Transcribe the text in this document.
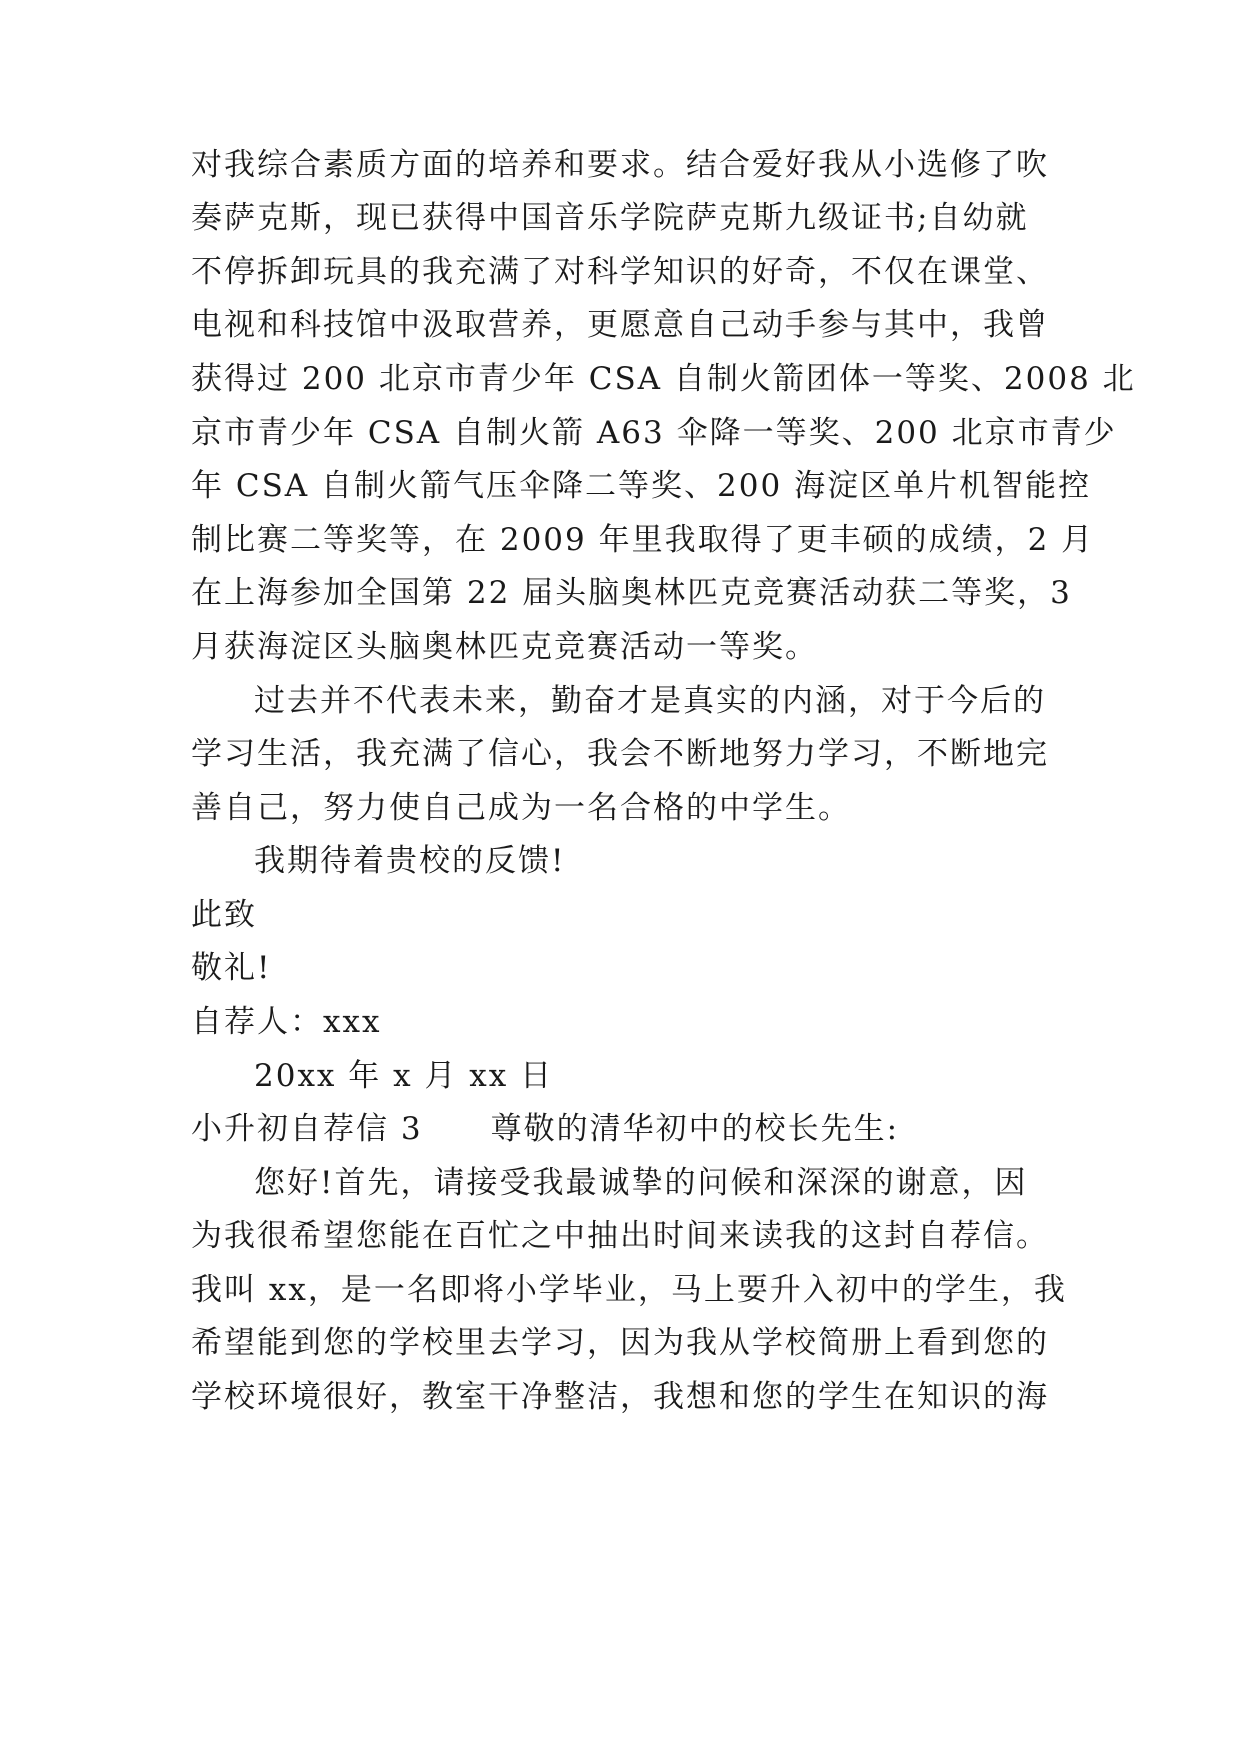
对我综合素质方面的培养和要求。结合爱好我从小选修了吹
奏萨克斯，现已获得中国音乐学院萨克斯九级证书;自幼就
不停拆卸玩具的我充满了对科学知识的好奇，不仅在课堂、
电视和科技馆中汲取营养，更愿意自己动手参与其中，我曾
获得过 200 北京市青少年 CSA 自制火箭团体一等奖、2008 北
京市青少年 CSA 自制火箭 A63 伞降一等奖、200 北京市青少
年 CSA 自制火箭气压伞降二等奖、200 海淀区单片机智能控
制比赛二等奖等，在 2009 年里我取得了更丰硕的成绩，2 月
在上海参加全国第 22 届头脑奥林匹克竞赛活动获二等奖，3
月获海淀区头脑奥林匹克竞赛活动一等奖。
过去并不代表未来，勤奋才是真实的内涵，对于今后的
学习生活，我充满了信心，我会不断地努力学习，不断地完
善自己，努力使自己成为一名合格的中学生。
我期待着贵校的反馈!
此致
敬礼!
自荐人：xxx
20xx 年 x 月 xx 日
小升初自荐信 3 尊敬的清华初中的校长先生:
您好!首先，请接受我最诚挚的问候和深深的谢意，因
为我很希望您能在百忙之中抽出时间来读我的这封自荐信。
我叫 xx，是一名即将小学毕业，马上要升入初中的学生，我
希望能到您的学校里去学习，因为我从学校简册上看到您的
学校环境很好，教室干净整洁，我想和您的学生在知识的海
